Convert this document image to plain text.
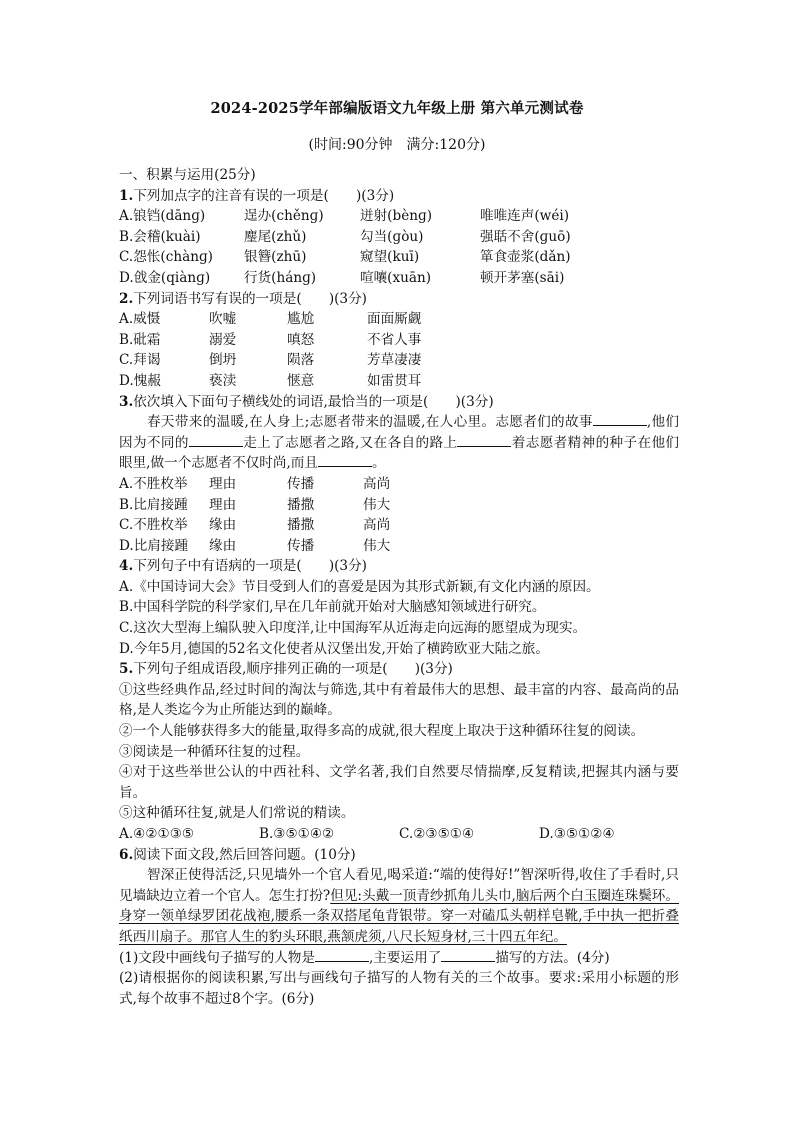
2024-2025学年部编版语文九年级上册 第六单元测试卷
(时间:90分钟　满分:120分)
一、积累与运用(25分)
1.下列加点字的注音有误的一项是(　　)(3分)
A.锒铛(dānɡ)	逞办(chěnɡ)	迸射(bènɡ)	唯唯连声(wéi)
B.会稽(kuài)	麈尾(zhǔ)	勾当(ɡòu)	强聒不舍(ɡuō)
C.怨怅(chànɡ)	银簪(zhū)	窥望(kuī)	箪食壶浆(dǎn)
D.戗金(qiànɡ)	行货(hánɡ)	喧嚷(xuān)	顿开茅塞(sāi)
2.下列词语书写有误的一项是(　　)(3分)
A.威慑	吹嘘	尴尬	面面厮觑
B.砒霜	溺爱	嗔怒	不省人事
C.拜谒	倒坍	陨落	芳草凄凄
D.愧赧	亵渎	惬意	如雷贯耳
3.依次填入下面句子横线处的词语,最恰当的一项是(　　)(3分)
春天带来的温暖,在人身上;志愿者带来的温暖,在人心里。志愿者们的故事	,他们因为不同的	走上了志愿者之路,又在各自的路上	着志愿者精神的种子在他们眼里,做一个志愿者不仅时尚,而且	。
A.不胜枚举	理由	传播	高尚
B.比肩接踵	理由	播撒	伟大
C.不胜枚举	缘由	播撒	高尚
D.比肩接踵	缘由	传播	伟大
4.下列句子中有语病的一项是(　　)(3分)
A.《中国诗词大会》节目受到人们的喜爱是因为其形式新颖,有文化内涵的原因。
B.中国科学院的科学家们,早在几年前就开始对大脑感知领域进行研究。
C.这次大型海上编队驶入印度洋,让中国海军从近海走向远海的愿望成为现实。
D.今年5月,德国的52名文化使者从汉堡出发,开始了横跨欧亚大陆之旅。
5.下列句子组成语段,顺序排列正确的一项是(　　)(3分)
①这些经典作品,经过时间的淘汰与筛选,其中有着最伟大的思想、最丰富的内容、最高尚的品格,是人类迄今为止所能达到的巅峰。
②一个人能够获得多大的能量,取得多高的成就,很大程度上取决于这种循环往复的阅读。
③阅读是一种循环往复的过程。
④对于这些举世公认的中西社科、文学名著,我们自然要尽情揣摩,反复精读,把握其内涵与要旨。
⑤这种循环往复,就是人们常说的精读。
A.④②①③⑤	B.③⑤①④②	C.②③⑤①④	D.③⑤①②④
6.阅读下面文段,然后回答问题。(10分)
智深正使得活泛,只见墙外一个官人看见,喝采道:“端的使得好!”智深听得,收住了手看时,只见墙缺边立着一个官人。怎生打扮?但见:头戴一顶青纱抓角儿头巾,脑后两个白玉圈连珠鬓环。身穿一领单绿罗团花战袍,腰系一条双搭尾龟背银带。穿一对磕瓜头朝样皂靴,手中执一把折叠纸西川扇子。那官人生的豹头环眼,燕颔虎须,八尺长短身材,三十四五年纪。
(1)文段中画线句子描写的人物是	,主要运用了	描写的方法。(4分)
(2)请根据你的阅读积累,写出与画线句子描写的人物有关的三个故事。要求:采用小标题的形式,每个故事不超过8个字。(6分)
